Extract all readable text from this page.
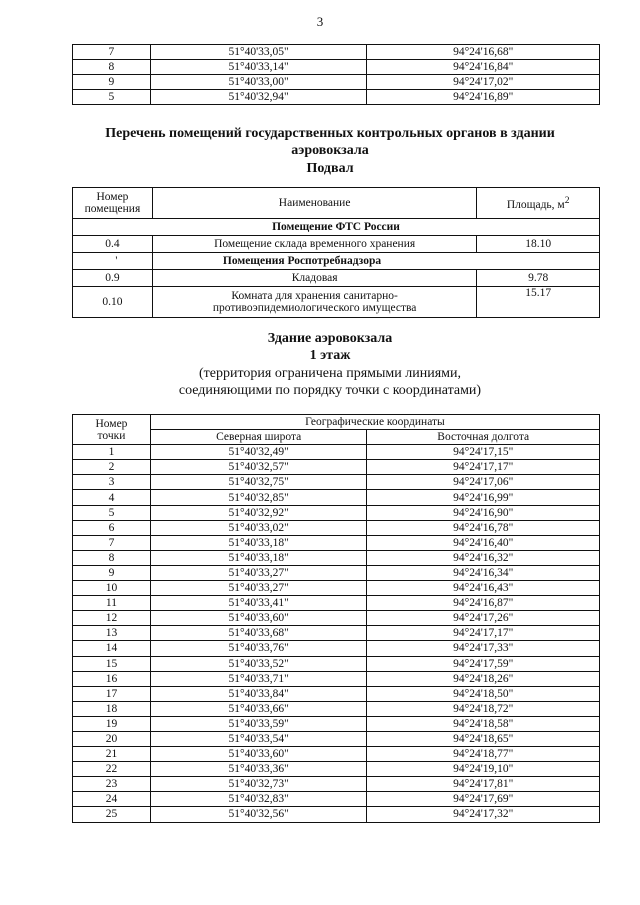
3
7	51°40'33,05"	94°24'16,68"
8	51°40'33,14"	94°24'16,84"
9	51°40'33,00"	94°24'17,02"
5	51°40'32,94"	94°24'16,89"
Перечень помещений государственных контрольных органов в здании
аэровокзала
Подвал
Номер помещения	Наименование	Площадь, $м^2$
Помещение ФТС России		
0.4	Помещение склада временного хранения	18.10
'	Помещения Роспотребнадзора	
0.9	Кладовая	9.78
0.10	Комната для хранения санитарно-противоэпидемиологического имущества	15.17
Здание аэровокзала
1 этаж
(территория ограничена прямыми линиями,
соединяющими по порядку точки с координатами)
Номер
точки	Географические координаты	
	Северная широта	Восточная долгота
1	51°40'32,49"	94°24'17,15"
2	51°40'32,57"	94°24'17,17"
3	51°40'32,75"	94°24'17,06"
4	51°40'32,85"	94°24'16,99"
5	51°40'32,92"	94°24'16,90"
6	51°40'33,02"	94°24'16,78"
7	51°40'33,18"	94°24'16,40"
8	51°40'33,18"	94°24'16,32"
9	51°40'33,27"	94°24'16,34"
10	51°40'33,27"	94°24'16,43"
11	51°40'33,41"	94°24'16,87"
12	51°40'33,60"	94°24'17,26"
13	51°40'33,68"	94°24'17,17"
14	51°40'33,76"	94°24'17,33"
15	51°40'33,52"	94°24'17,59"
16	51°40'33,71"	94°24'18,26"
17	51°40'33,84"	94°24'18,50"
18	51°40'33,66"	94°24'18,72"
19	51°40'33,59"	94°24'18,58"
20	51°40'33,54"	94°24'18,65"
21	51°40'33,60"	94°24'18,77"
22	51°40'33,36"	94°24'19,10"
23	51°40'32,73"	94°24'17,81"
24	51°40'32,83"	94°24'17,69"
25	51°40'32,56"	94°24'17,32"
